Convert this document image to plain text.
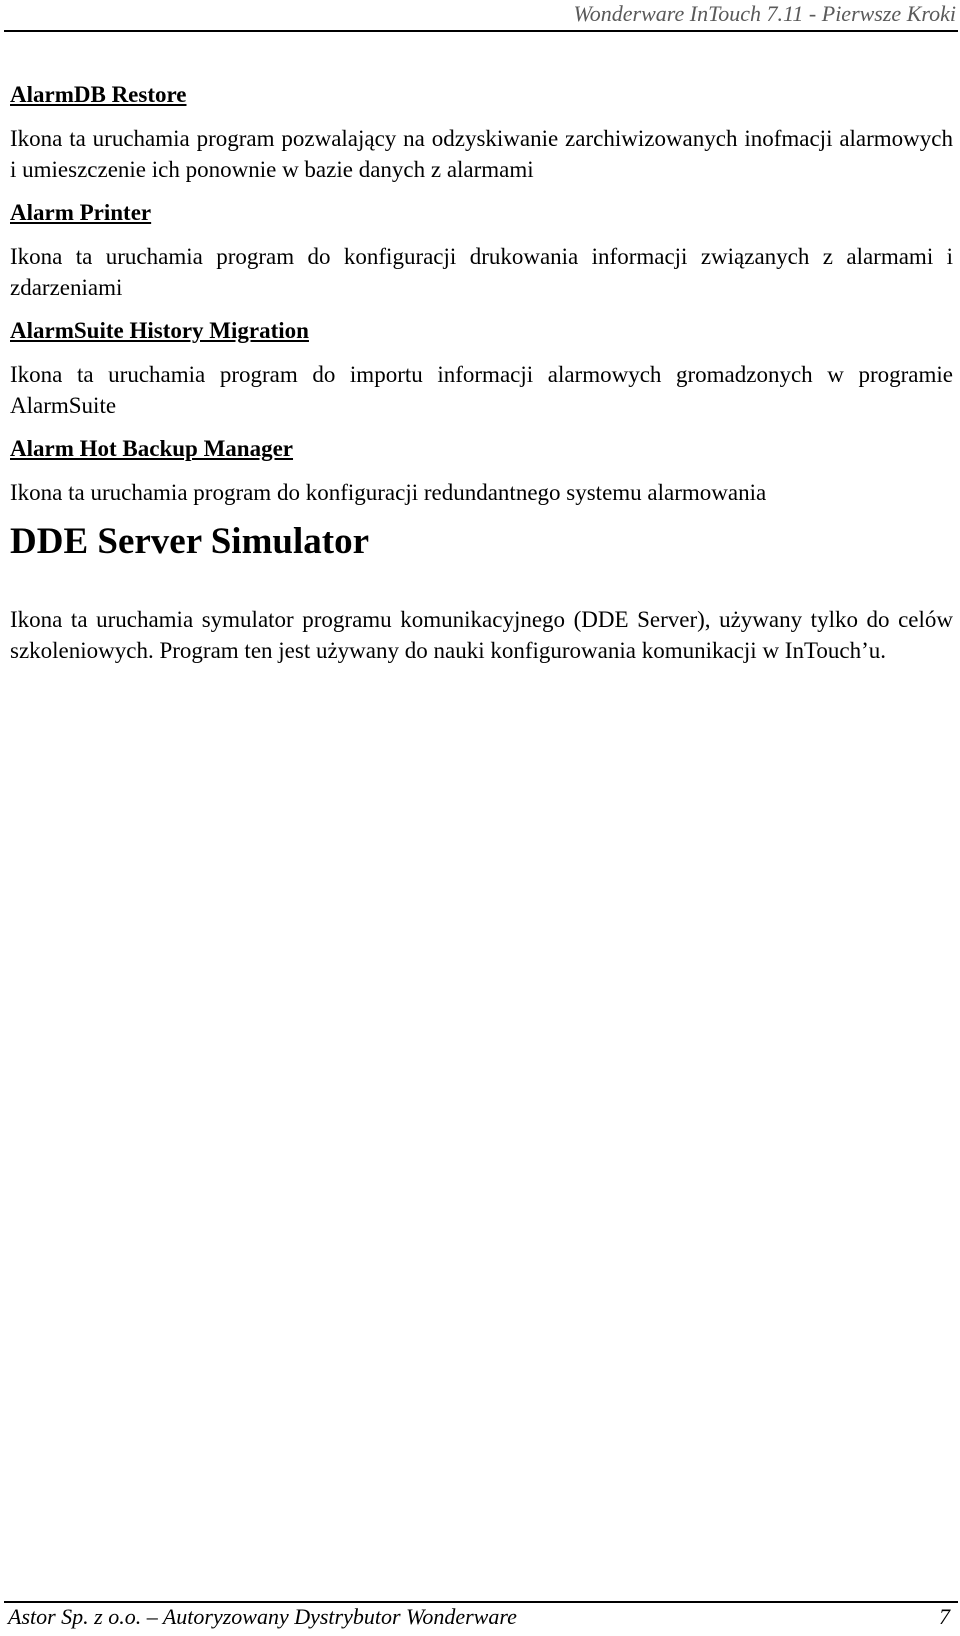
Wonderware InTouch 7.11 - Pierwsze Kroki
AlarmDB Restore
Ikona ta uruchamia program pozwalający na odzyskiwanie zarchiwizowanych inofmacji alarmowych i umieszczenie ich ponownie w bazie danych z alarmami
Alarm Printer
Ikona ta uruchamia program do konfiguracji drukowania informacji związanych z alarmami i zdarzeniami
AlarmSuite History Migration
Ikona ta uruchamia program do importu informacji alarmowych gromadzonych w programie AlarmSuite
Alarm Hot Backup Manager
Ikona ta uruchamia program do konfiguracji redundantnego systemu alarmowania
DDE Server Simulator
Ikona ta uruchamia symulator programu komunikacyjnego (DDE Server), używany tylko do celów szkoleniowych. Program ten jest używany do nauki konfigurowania komunikacji w InTouch’u.
Astor Sp. z o.o. – Autoryzowany Dystrybutor Wonderware	7
